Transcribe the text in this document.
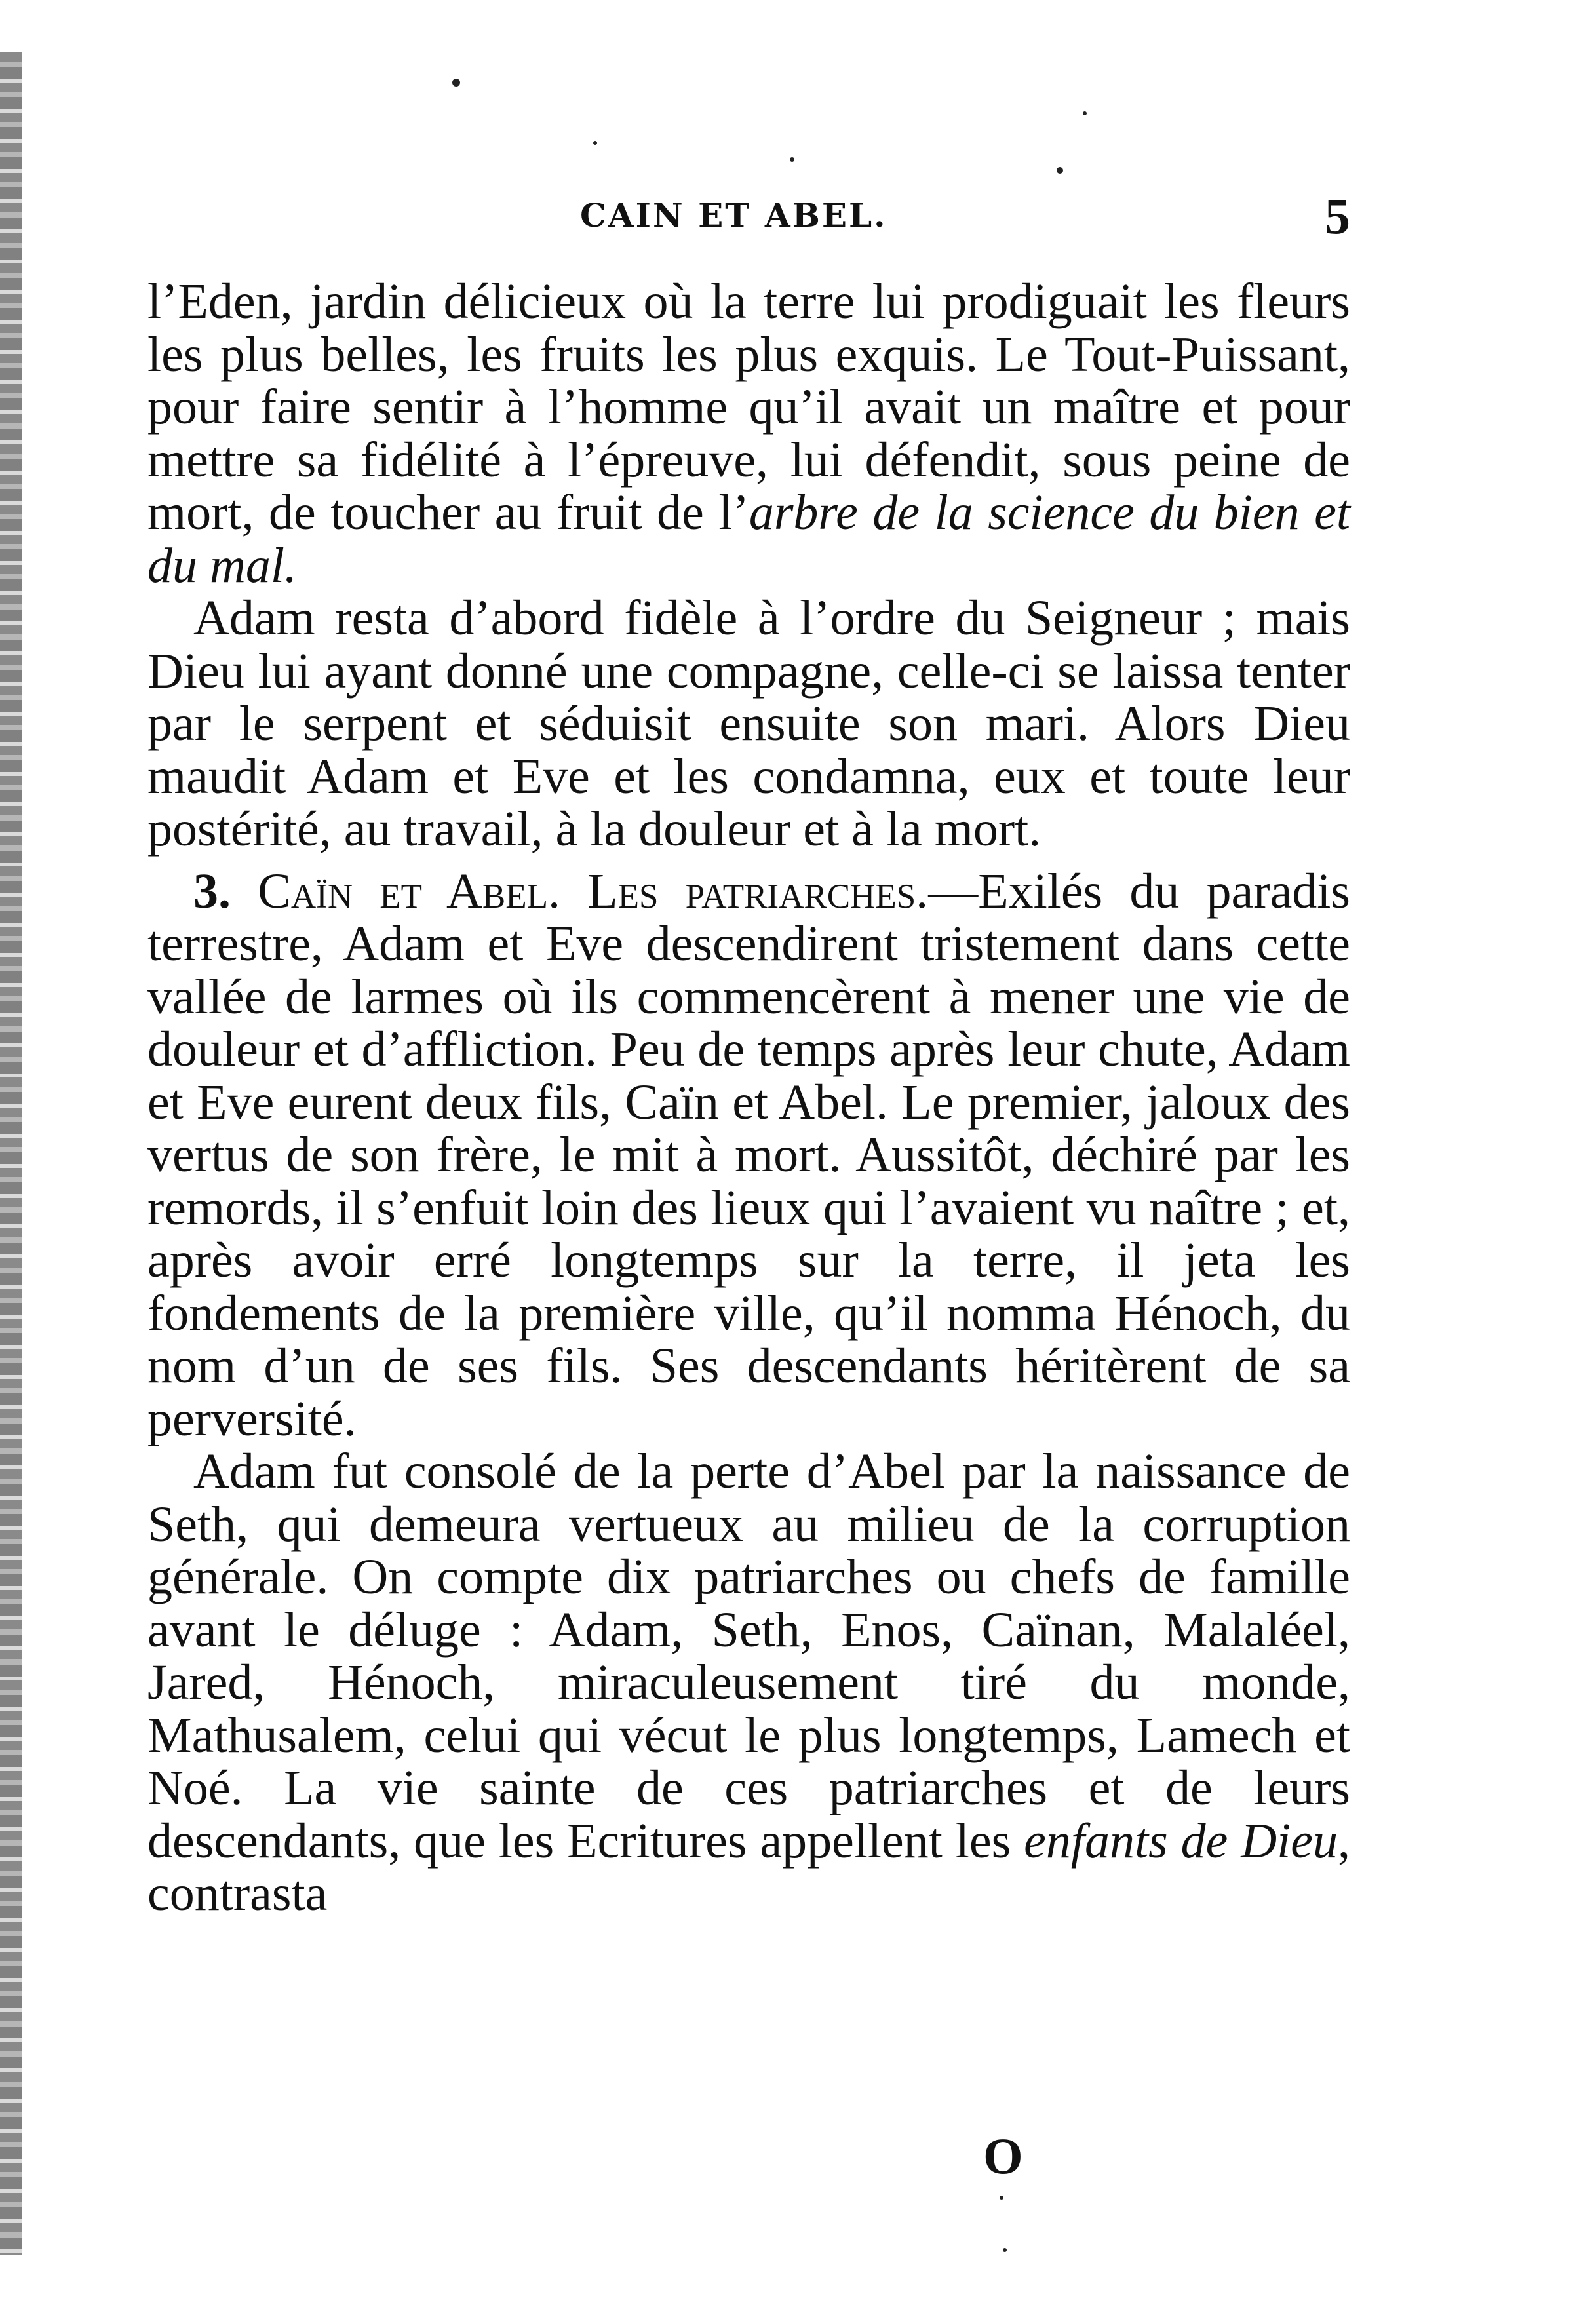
CAIN ET ABEL.	5

l’Eden, jardin délicieux où la terre lui prodiguait les fleurs les plus belles, les fruits les plus exquis. Le Tout-Puissant, pour faire sentir à l’homme qu’il avait un maître et pour mettre sa fidélité à l’épreuve, lui défendit, sous peine de mort, de toucher au fruit de l’arbre de la science du bien et du mal.

Adam resta d’abord fidèle à l’ordre du Seigneur ; mais Dieu lui ayant donné une compagne, celle-ci se laissa tenter par le serpent et séduisit ensuite son mari. Alors Dieu maudit Adam et Eve et les condamna, eux et toute leur postérité, au travail, à la douleur et à la mort.

3. Caïn et Abel. Les patriarches.—Exilés du paradis terrestre, Adam et Eve descendirent tristement dans cette vallée de larmes où ils commencèrent à mener une vie de douleur et d’affliction. Peu de temps après leur chute, Adam et Eve eurent deux fils, Caïn et Abel. Le premier, jaloux des vertus de son frère, le mit à mort. Aussitôt, déchiré par les remords, il s’enfuit loin des lieux qui l’avaient vu naître ; et, après avoir erré longtemps sur la terre, il jeta les fondements de la première ville, qu’il nomma Hénoch, du nom d’un de ses fils. Ses descendants héritèrent de sa perversité.

Adam fut consolé de la perte d’Abel par la naissance de Seth, qui demeura vertueux au milieu de la corruption générale. On compte dix patriarches ou chefs de famille avant le déluge : Adam, Seth, Enos, Caïnan, Malaléel, Jared, Hénoch, miraculeusement tiré du monde, Mathusalem, celui qui vécut le plus longtemps, Lamech et Noé. La vie sainte de ces patriarches et de leurs descendants, que les Ecritures appellent les enfants de Dieu, contrasta

O
